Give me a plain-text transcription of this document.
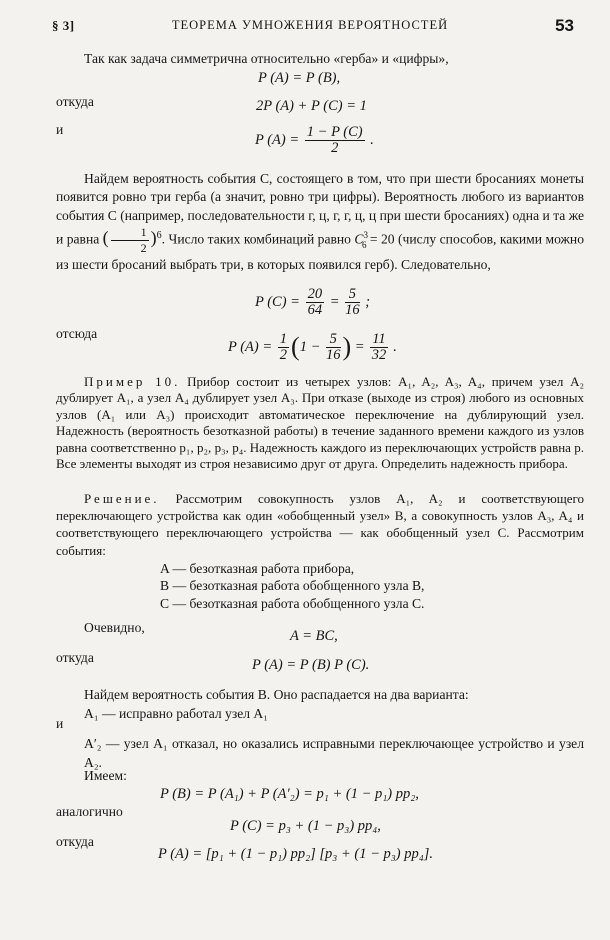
§ 3]	ТЕОРЕМА УМНОЖЕНИЯ ВЕРОЯТНОСТЕЙ	53
Так как задача симметрична относительно «герба» и «цифры»,
P (A) = P (B),
откуда	2P (A) + P (C) = 1
и
P $(A) = \frac{1 - P (C)}{2}$ .
Найдем вероятность события C, состоящего в том, что при шести бросаниях монеты появится ровно три герба (а значит, ровно три цифры). Вероятность любого из вариантов события C (например, последовательности г, ц, г, г, ц, ц при шести бросаниях) одна и та же и равна ( $\frac{1}{2} )^6$. Число таких комбинаций равно $C^3_6 = 20$ (числу способов, какими можно из шести бросаний выбрать три, в которых появился герб). Следовательно,
P $(C) = \frac{20}{64} = \frac{5}{16}$ ;
отсюда
P $(A) = \frac{1}{2} (1 - \frac{5}{16}$ ) = $\frac{11}{32}$ .
Пример 10. Прибор состоит из четырех узлов: A₁, A₂, A₃, A₄, причем узел A₂ дублирует A₁, а узел A₄ дублирует узел A₃. При отказе (выходе из строя) любого из основных узлов (A₁ или A₃) происходит автоматическое переключение на дублирующий узел. Надежность (вероятность безотказной работы) в течение заданного времени каждого из узлов равна соответственно p₁, p₂, p₃, p₄. Надежность каждого из переключающих устройств равна p. Все элементы выходят из строя независимо друг от друга. Определить надежность прибора.
Решение. Рассмотрим совокупность узлов A₁, A₂ и соответствующего переключающего устройства как один «обобщенный узел» B, а совокупность узлов A₃, A₄ и соответствующего переключающего устройства — как обобщенный узел C. Рассмотрим события:
A — безотказная работа прибора,
B — безотказная работа обобщенного узла B,
C — безотказная работа обобщенного узла C.
Очевидно,
A = BC,
откуда	P (A) = P (B) P (C).
Найдем вероятность события B. Оно распадается на два варианта:
и
A₁ — исправно работал узел A₁
A′₂ — узел A₁ отказал, но оказались исправными переключающее устройство и узел A₂.
Имеем:
P (B) = P (A₁) + P (A′₂) = p₁ + (1 − p₁) pp₂,
аналогично
P (C) = p₃ + (1 − p₃) pp₄,
откуда
P (A) = [p₁ + (1 − p₁) pp₂] [p₃ + (1 − p₃) pp₄].
